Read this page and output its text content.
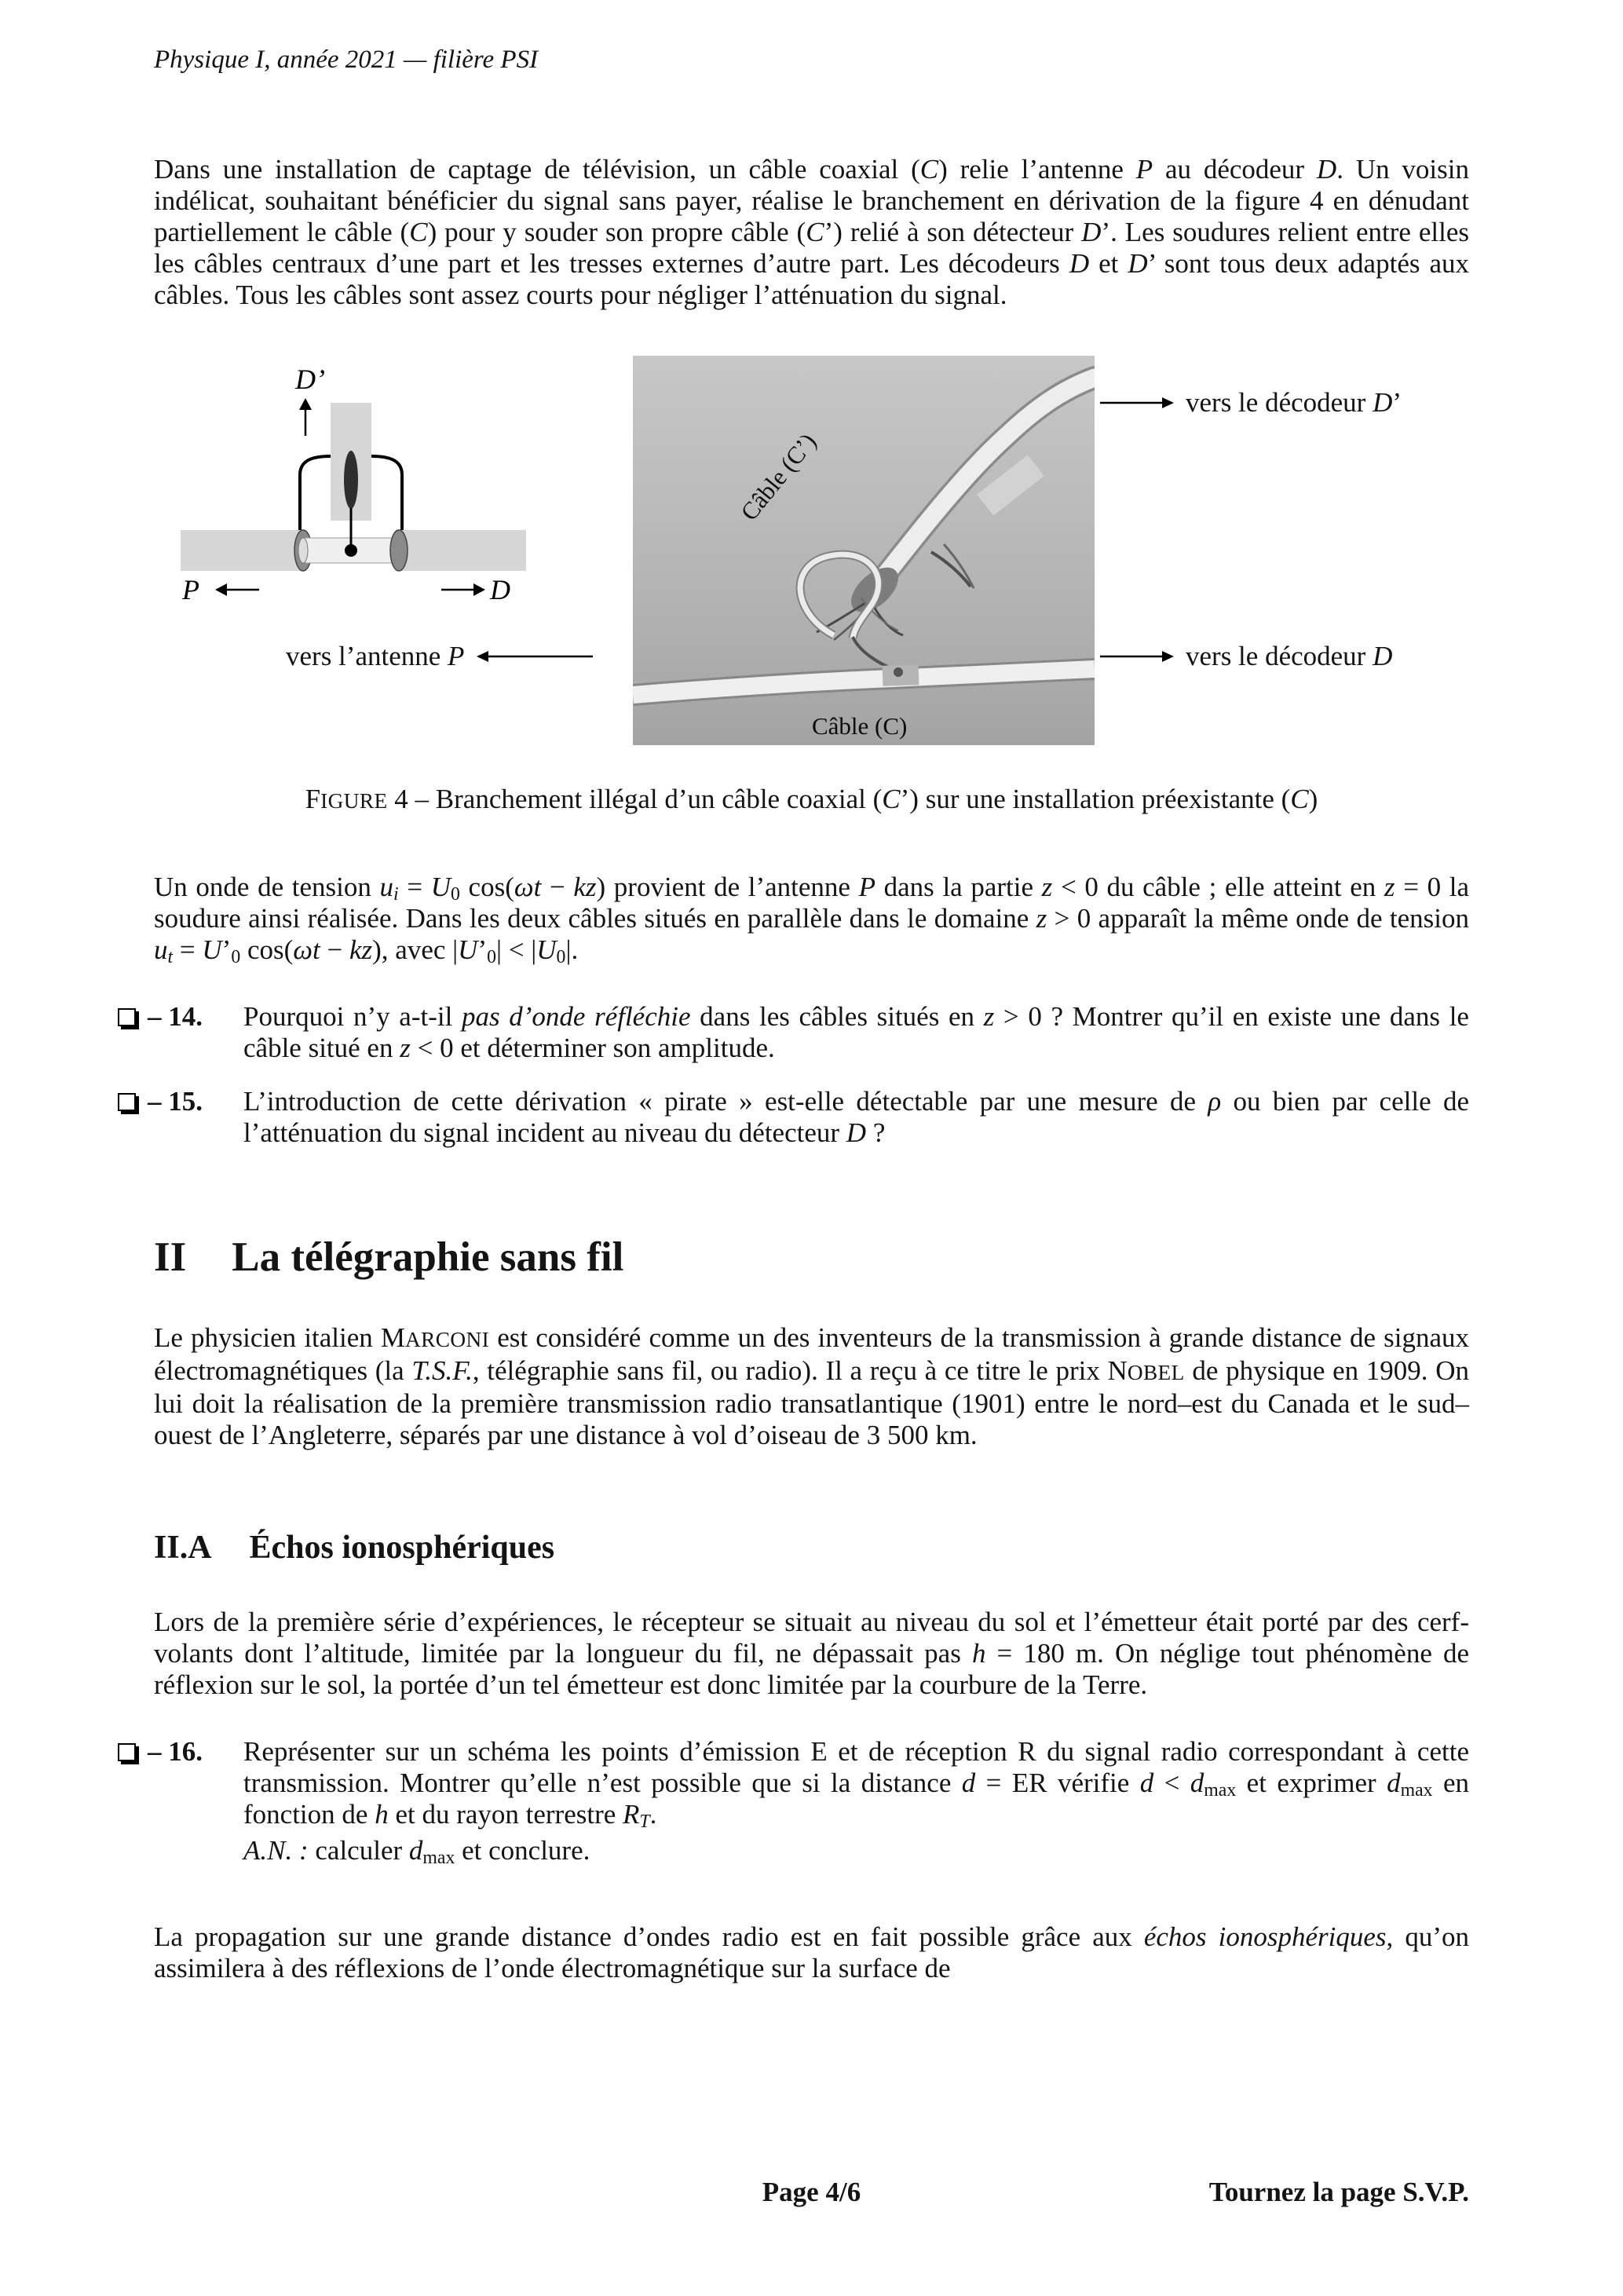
Physique I, année 2021 — filière PSI

Dans une installation de captage de télévision, un câble coaxial (C) relie l’antenne P au décodeur D. Un voisin indélicat, souhaitant bénéficier du signal sans payer, réalise le branchement en dérivation de la figure 4 en dénudant partiellement le câble (C) pour y souder son propre câble (C’) relié à son détecteur D’. Les soudures relient entre elles les câbles centraux d’une part et les tresses externes d’autre part. Les décodeurs D et D’ sont tous deux adaptés aux câbles. Tous les câbles sont assez courts pour négliger l’atténuation du signal.

D’
P	D
Câble (C’)
Câble (C)
vers le décodeur D’
vers l’antenne P	vers le décodeur D

FIGURE 4 – Branchement illégal d’un câble coaxial (C’) sur une installation préexistante (C)

Un onde de tension $u_i = U_0$ cos(ωt − kz) provient de l’antenne P dans la partie z < 0 du câble ; elle atteint en z = 0 la soudure ainsi réalisée. Dans les deux câbles situés en parallèle dans le domaine z > 0 apparaît la même onde de tension $u_t$ = $U’_0$ cos(ωt − kz), avec $|U’_0| < |U_0|$.

– 14.	Pourquoi n’y a-t-il pas d’onde réfléchie dans les câbles situés en z > 0 ? Montrer qu’il en existe une dans le câble situé en z < 0 et déterminer son amplitude.
– 15.	L’introduction de cette dérivation « pirate » est-elle détectable par une mesure de ρ ou bien par celle de l’atténuation du signal incident au niveau du détecteur D ?
II La télégraphie sans fil

Le physicien italien MARCONI est considéré comme un des inventeurs de la transmission à grande distance de signaux électromagnétiques (la T.S.F., télégraphie sans fil, ou radio). Il a reçu à ce titre le prix NOBEL de physique en 1909. On lui doit la réalisation de la première transmission radio transatlantique (1901) entre le nord–est du Canada et le sud–ouest de l’Angleterre, séparés par une distance à vol d’oiseau de 3 500 km.

II.A Échos ionosphériques

Lors de la première série d’expériences, le récepteur se situait au niveau du sol et l’émetteur était porté par des cerf-volants dont l’altitude, limitée par la longueur du fil, ne dépassait pas h = 180 m. On néglige tout phénomène de réflexion sur le sol, la portée d’un tel émetteur est donc limitée par la courbure de la Terre.

– 16.	Représenter sur un schéma les points d’émission E et de réception R du signal radio correspondant à cette transmission. Montrer qu’elle n’est possible que si la distance d = ER vérifie $d < d_{max}$ et exprimer $d_{max}$ en fonction de h et du rayon terrestre $R_T$.
A.N. : calculer $d_{max}$ et conclure.

La propagation sur une grande distance d’ondes radio est en fait possible grâce aux échos ionosphériques, qu’on assimilera à des réflexions de l’onde électromagnétique sur la surface de

Page 4/6	Tournez la page S.V.P.
